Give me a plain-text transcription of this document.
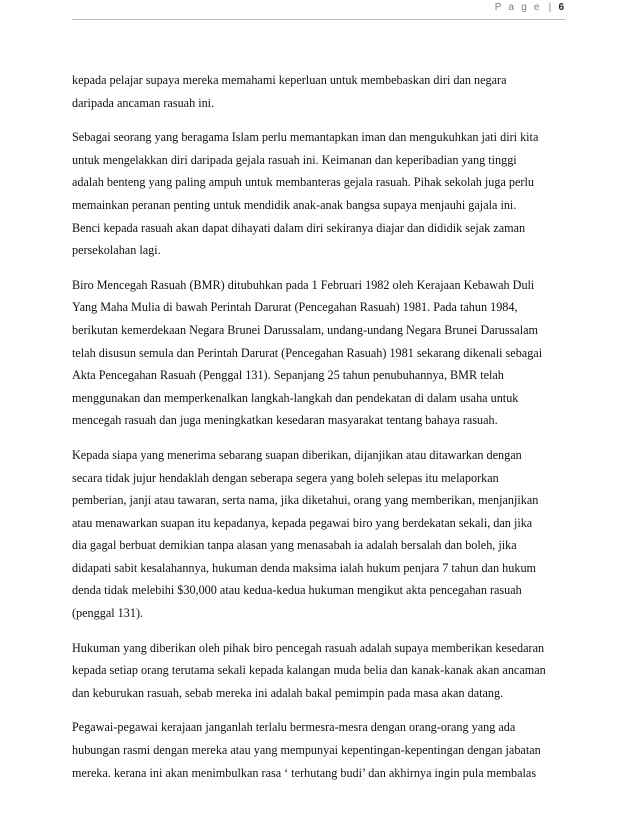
P a g e | 6

kepada pelajar supaya mereka memahami keperluan untuk membebaskan diri dan negara
daripada ancaman rasuah ini.

Sebagai seorang yang beragama Islam perlu memantapkan iman dan mengukuhkan jati diri kita
untuk mengelakkan diri daripada gejala rasuah ini. Keimanan dan keperibadian yang tinggi
adalah benteng yang paling ampuh untuk membanteras gejala rasuah. Pihak sekolah juga perlu
memainkan peranan penting untuk mendidik anak-anak bangsa supaya menjauhi gajala ini.
Benci kepada rasuah akan dapat dihayati dalam diri sekiranya diajar dan dididik sejak zaman
persekolahan lagi.

Biro Mencegah Rasuah (BMR) ditubuhkan pada 1 Februari 1982 oleh Kerajaan Kebawah Duli
Yang Maha Mulia di bawah Perintah Darurat (Pencegahan Rasuah) 1981. Pada tahun 1984,
berikutan kemerdekaan Negara Brunei Darussalam, undang-undang Negara Brunei Darussalam
telah disusun semula dan Perintah Darurat (Pencegahan Rasuah) 1981 sekarang dikenali sebagai
Akta Pencegahan Rasuah (Penggal 131). Sepanjang 25 tahun penubuhannya, BMR telah
menggunakan dan memperkenalkan langkah-langkah dan pendekatan di dalam usaha untuk
mencegah rasuah dan juga meningkatkan kesedaran masyarakat tentang bahaya rasuah.

Kepada siapa yang menerima sebarang suapan diberikan, dijanjikan atau ditawarkan dengan
secara tidak jujur hendaklah dengan seberapa segera yang boleh selepas itu melaporkan
pemberian, janji atau tawaran, serta nama, jika diketahui, orang yang memberikan, menjanjikan
atau menawarkan suapan itu kepadanya, kepada pegawai biro yang berdekatan sekali, dan jika
dia gagal berbuat demikian tanpa alasan yang menasabah ia adalah bersalah dan boleh, jika
didapati sabit kesalahannya, hukuman denda maksima ialah hukum penjara 7 tahun dan hukum
denda tidak melebihi $30,000 atau kedua-kedua hukuman mengikut akta pencegahan rasuah
(penggal 131).

Hukuman yang diberikan oleh pihak biro pencegah rasuah adalah supaya memberikan kesedaran
kepada setiap orang terutama sekali kepada kalangan muda belia dan kanak-kanak akan ancaman
dan keburukan rasuah, sebab mereka ini adalah bakal pemimpin pada masa akan datang.

Pegawai-pegawai kerajaan janganlah terlalu bermesra-mesra dengan orang-orang yang ada
hubungan rasmi dengan mereka atau yang mempunyai kepentingan-kepentingan dengan jabatan
mereka. kerana ini akan menimbulkan rasa ‘ terhutang budi’ dan akhirnya ingin pula membalas
